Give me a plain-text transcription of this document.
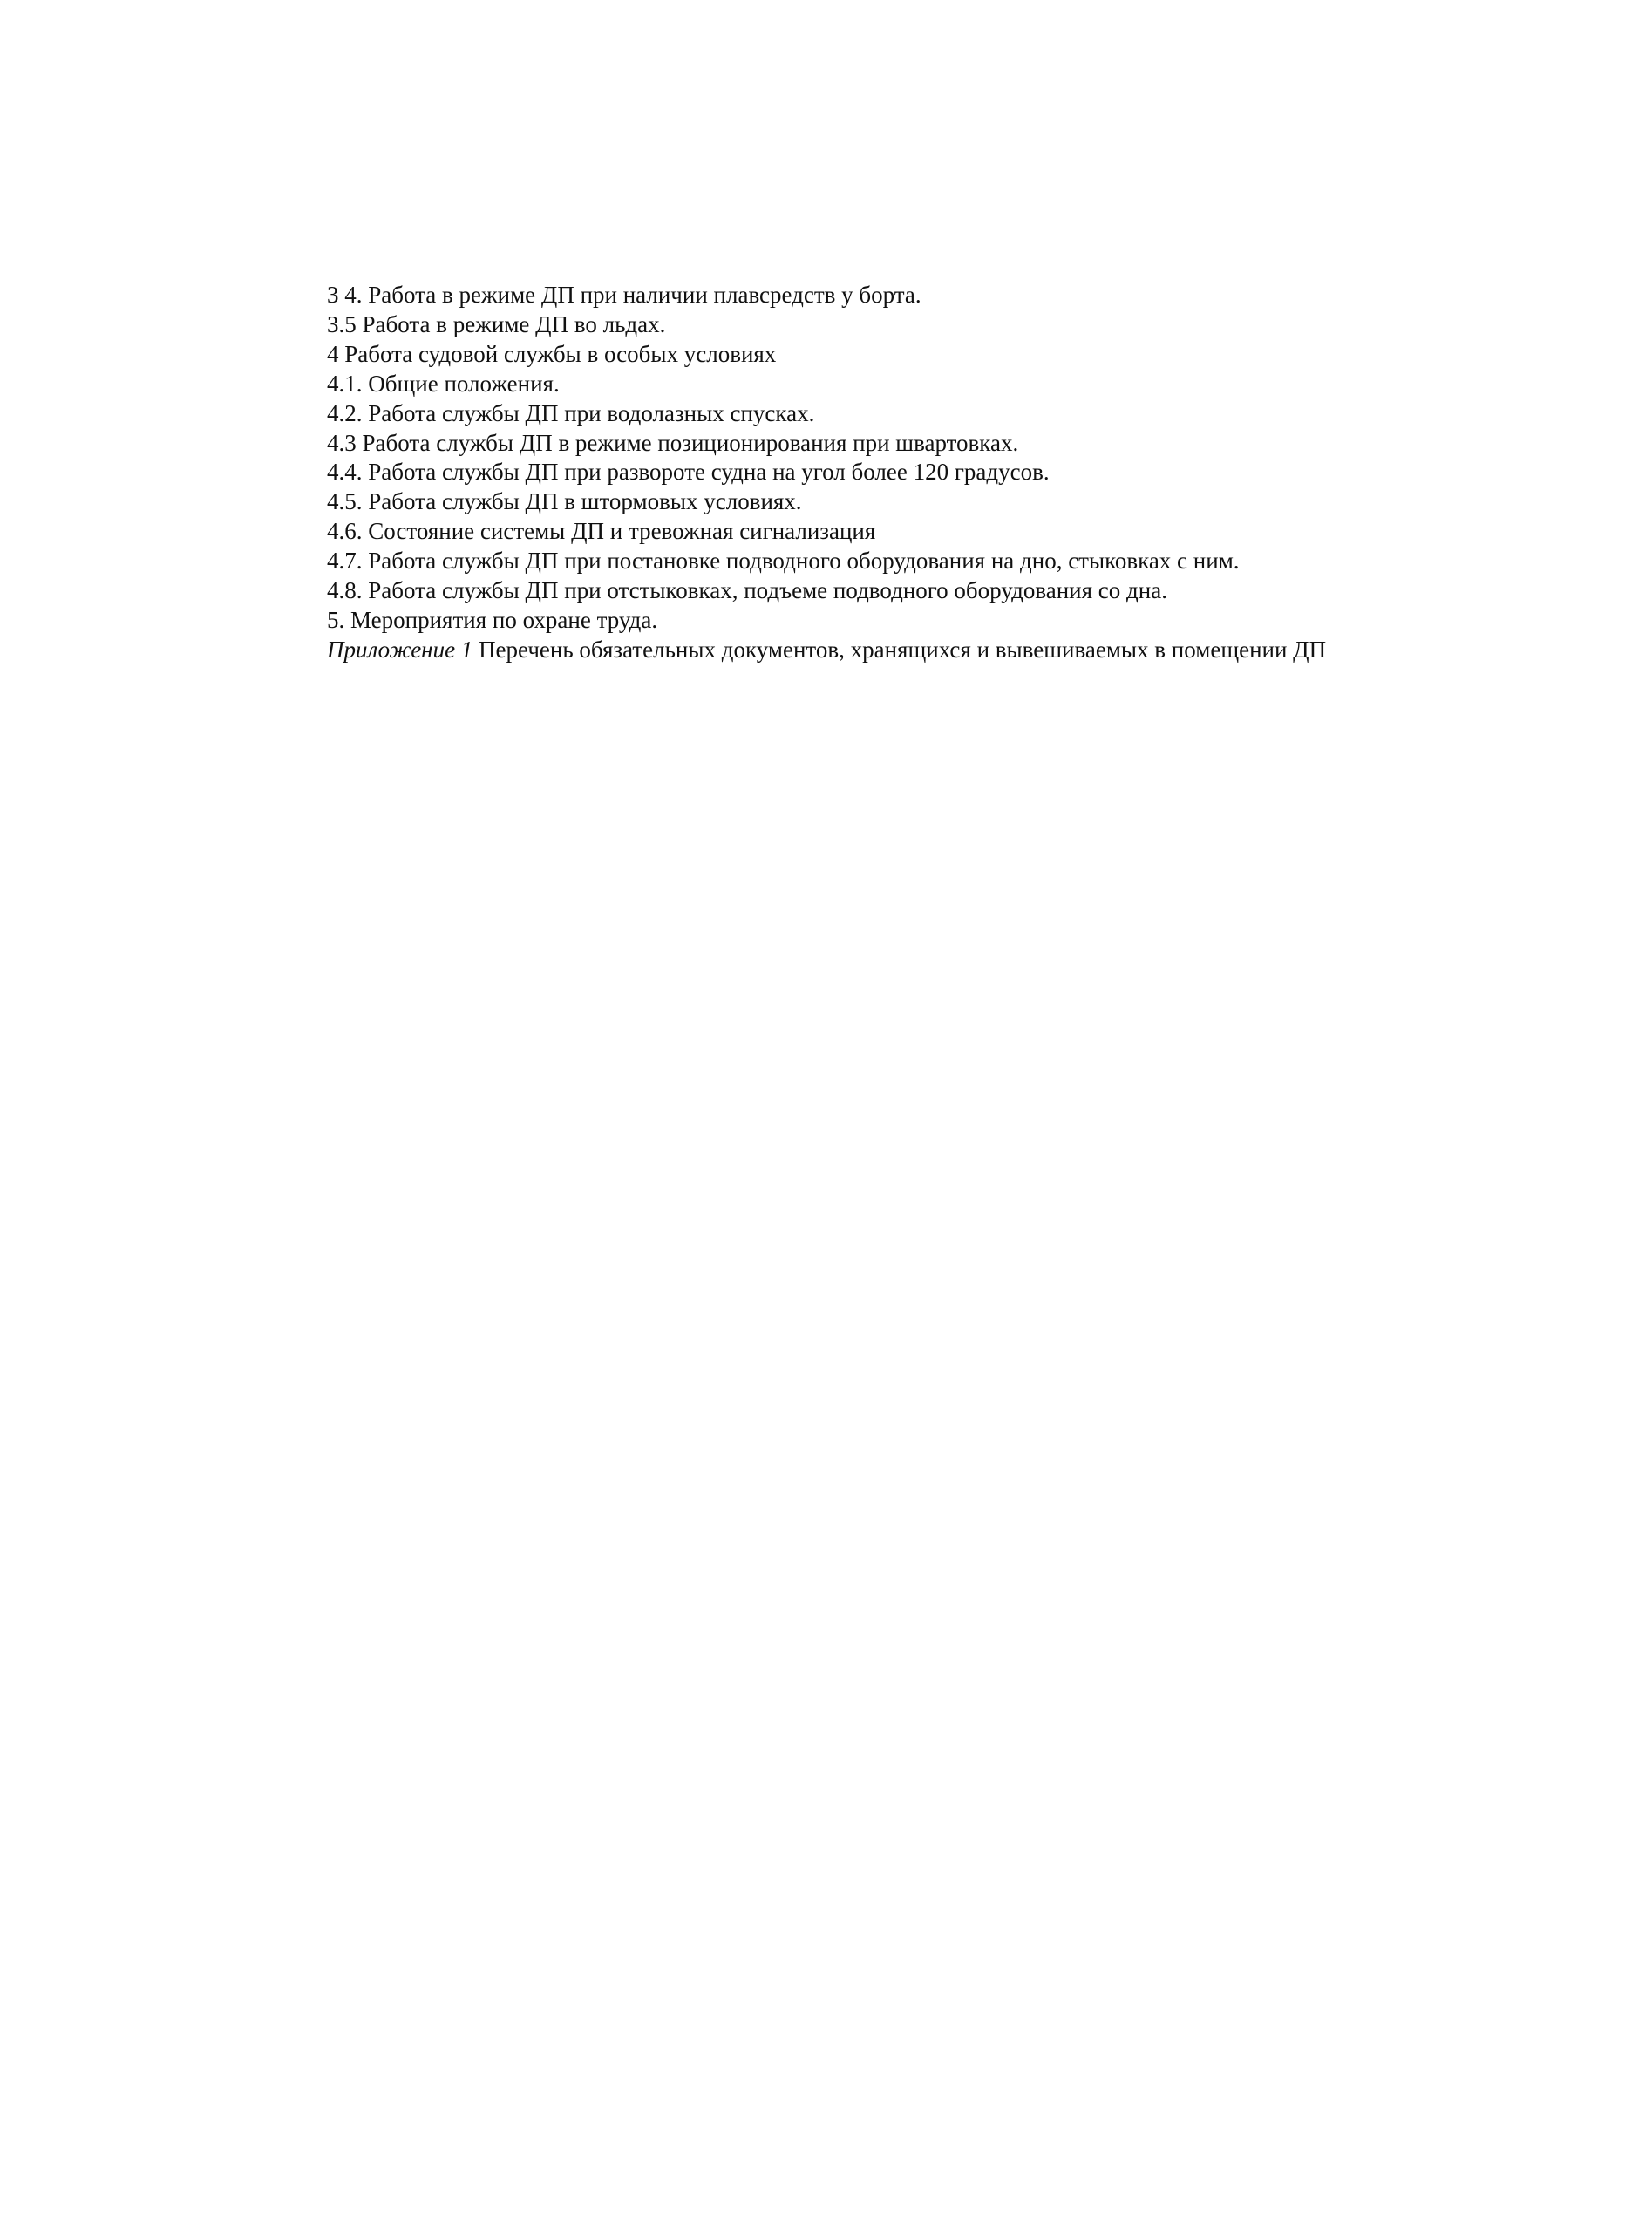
3 4. Работа в режиме ДП при наличии плавсредств у борта.
3.5 Работа в режиме ДП во льдах.
4 Работа судовой службы в особых условиях
4.1. Общие положения.
4.2. Работа службы ДП при водолазных спусках.
4.3 Работа службы ДП в режиме позиционирования при швартовках.
4.4. Работа службы ДП при развороте судна на угол более 120 градусов.
4.5. Работа службы ДП в штормовых условиях.
4.6. Состояние системы ДП и тревожная сигнализация
4.7. Работа службы ДП при постановке подводного оборудования на дно, стыковках с ним.
4.8. Работа службы ДП при отстыковках, подъеме подводного оборудования со дна.
5. Мероприятия по охране труда.
Приложение 1 Перечень обязательных документов, хранящихся и вывешиваемых в помещении ДП
